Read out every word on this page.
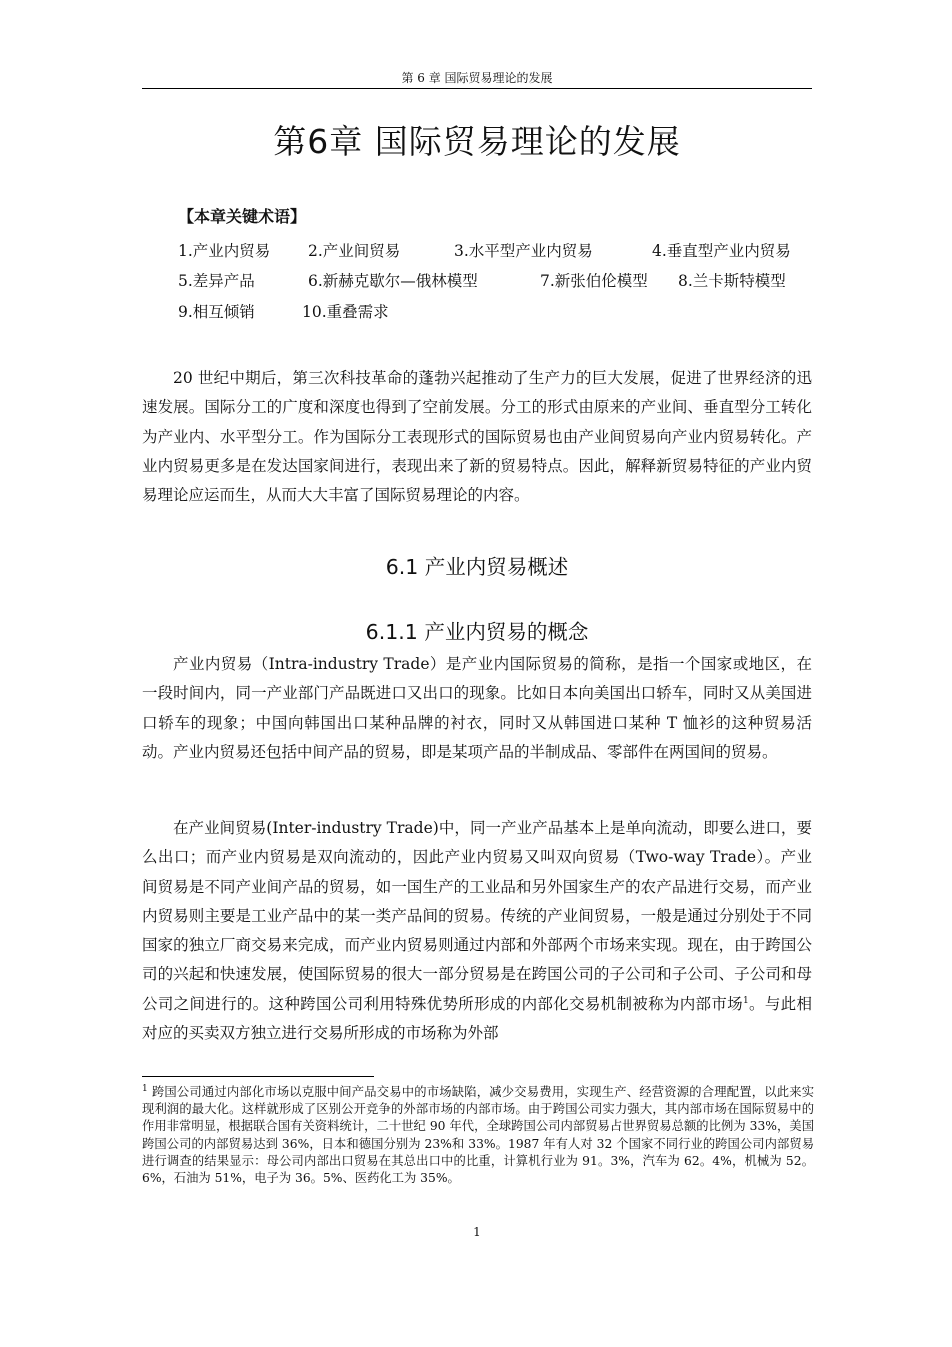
第 6 章 国际贸易理论的发展
第6章 国际贸易理论的发展
【本章关键术语】
1.产业内贸易 2.产业间贸易	3.水平型产业内贸易	4.垂直型产业内贸易
5.差异产品	6.新赫克歇尔—俄林模型	7.新张伯伦模型 8.兰卡斯特模型
9.相互倾销	10.重叠需求

20 世纪中期后，第三次科技革命的蓬勃兴起推动了生产力的巨大发展，促进了世界经济的迅速发展。国际分工的广度和深度也得到了空前发展。分工的形式由原来的产业间、垂直型分工转化为产业内、水平型分工。作为国际分工表现形式的国际贸易也由产业间贸易向产业内贸易转化。产业内贸易更多是在发达国家间进行，表现出来了新的贸易特点。因此，解释新贸易特征的产业内贸易理论应运而生，从而大大丰富了国际贸易理论的内容。

6.1 产业内贸易概述
6.1.1 产业内贸易的概念

产业内贸易（Intra-industry Trade）是产业内国际贸易的简称，是指一个国家或地区，在一段时间内，同一产业部门产品既进口又出口的现象。比如日本向美国出口轿车，同时又从美国进口轿车的现象；中国向韩国出口某种品牌的衬衣，同时又从韩国进口某种 T 恤衫的这种贸易活动。产业内贸易还包括中间产品的贸易，即是某项产品的半制成品、零部件在两国间的贸易。

在产业间贸易(Inter-industry Trade)中，同一产业产品基本上是单向流动，即要么进口，要么出口；而产业内贸易是双向流动的，因此产业内贸易又叫双向贸易（Two-way Trade）。产业间贸易是不同产业间产品的贸易，如一国生产的工业品和另外国家生产的农产品进行交易，而产业内贸易则主要是工业产品中的某一类产品间的贸易。传统的产业间贸易，一般是通过分别处于不同国家的独立厂商交易来完成，而产业内贸易则通过内部和外部两个市场来实现。现在，由于跨国公司的兴起和快速发展，使国际贸易的很大一部分贸易是在跨国公司的子公司和子公司、子公司和母公司之间进行的。这种跨国公司利用特殊优势所形成的内部化交易机制被称为内部市场$^1$。与此相对应的买卖双方独立进行交易所形成的市场称为外部

$^1$ 跨国公司通过内部化市场以克服中间产品交易中的市场缺陷，减少交易费用，实现生产、经营资源的合理配置，以此来实现利润的最大化。这样就形成了区别公开竞争的外部市场的内部市场。由于跨国公司实力强大，其内部市场在国际贸易中的作用非常明显，根据联合国有关资料统计，二十世纪 90 年代，全球跨国公司内部贸易占世界贸易总额的比例为 33%，美国跨国公司的内部贸易达到 36%，日本和德国分别为 23%和 33%。1987 年有人对 32 个国家不同行业的跨国公司内部贸易进行调查的结果显示：母公司内部出口贸易在其总出口中的比重，计算机行业为 91。3%，汽车为 62。4%，机械为 52。6%，石油为 51%，电子为 36。5%、医药化工为 35%。

1
